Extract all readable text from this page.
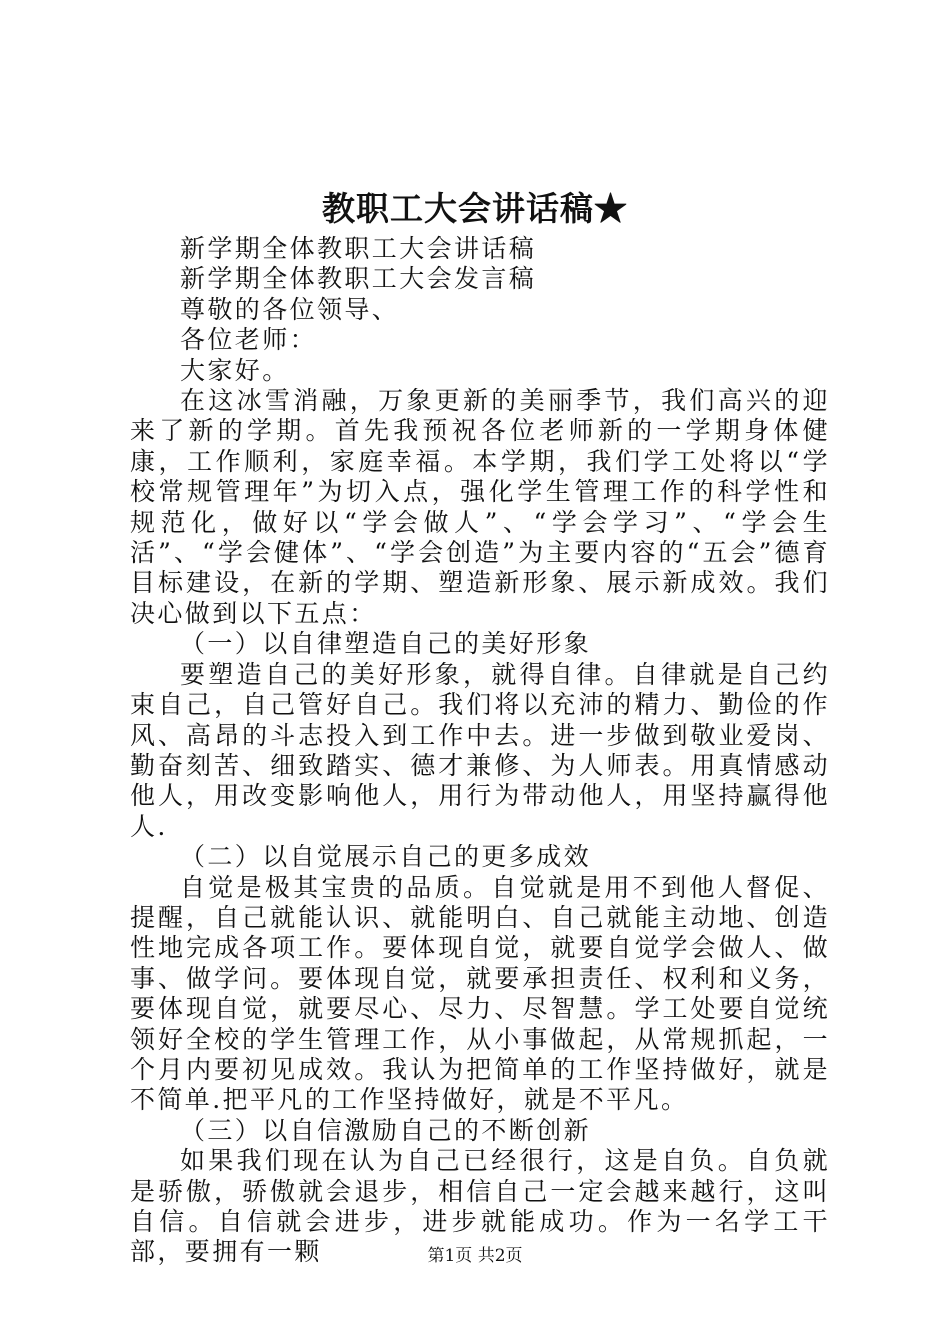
教职工大会讲话稿★

新学期全体教职工大会讲话稿

新学期全体教职工大会发言稿

尊敬的各位领导、

各位老师：

大家好。

在这冰雪消融，万象更新的美丽季节，我们高兴的迎来了新的学期。首先我预祝各位老师新的一学期身体健康，工作顺利，家庭幸福。本学期，我们学工处将以“学校常规管理年”为切入点，强化学生管理工作的科学性和规范化，做好以“学会做人”、“学会学习”、“学会生活”、“学会健体”、“学会创造”为主要内容的“五会”德育目标建设，在新的学期、塑造新形象、展示新成效。我们决心做到以下五点：

（一）以自律塑造自己的美好形象

要塑造自己的美好形象，就得自律。自律就是自己约束自己，自己管好自己。我们将以充沛的精力、勤俭的作风、高昂的斗志投入到工作中去。进一步做到敬业爱岗、勤奋刻苦、细致踏实、德才兼修、为人师表。用真情感动他人，用改变影响他人，用行为带动他人，用坚持赢得他人.

（二）以自觉展示自己的更多成效

自觉是极其宝贵的品质。自觉就是用不到他人督促、提醒，自己就能认识、就能明白、自己就能主动地、创造性地完成各项工作。要体现自觉，就要自觉学会做人、做事、做学问。要体现自觉，就要承担责任、权利和义务，要体现自觉，就要尽心、尽力、尽智慧。学工处要自觉统领好全校的学生管理工作，从小事做起，从常规抓起，一个月内要初见成效。我认为把简单的工作坚持做好，就是不简单.把平凡的工作坚持做好，就是不平凡。

（三）以自信激励自己的不断创新

如果我们现在认为自己已经很行，这是自负。自负就是骄傲，骄傲就会退步，相信自己一定会越来越行，这叫自信。自信就会进步，进步就能成功。作为一名学工干部，要拥有一颗	第1页 共2页
